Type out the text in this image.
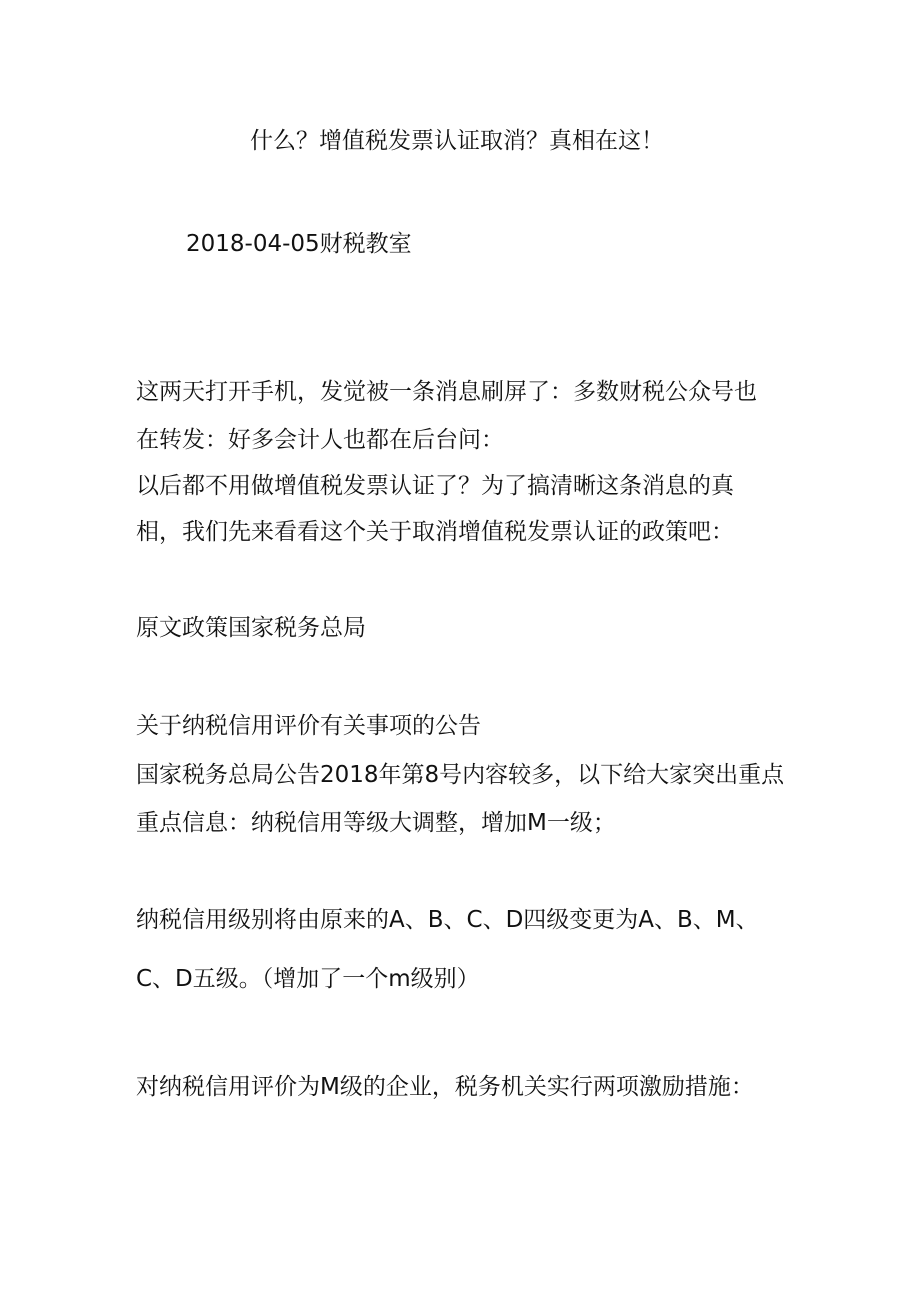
什么？增值税发票认证取消？真相在这！
2018-04-05财税教室
这两天打开手机，发觉被一条消息刷屏了：多数财税公众号也
在转发：好多会计人也都在后台问：
以后都不用做增值税发票认证了？为了搞清晰这条消息的真
相，我们先来看看这个关于取消增值税发票认证的政策吧：
原文政策国家税务总局
关于纳税信用评价有关事项的公告
国家税务总局公告2018年第8号内容较多，以下给大家突出重点
重点信息：纳税信用等级大调整，增加M一级；
纳税信用级别将由原来的A、B、C、D四级变更为A、B、M、
C、D五级。（增加了一个m级别）
对纳税信用评价为M级的企业，税务机关实行两项激励措施：
